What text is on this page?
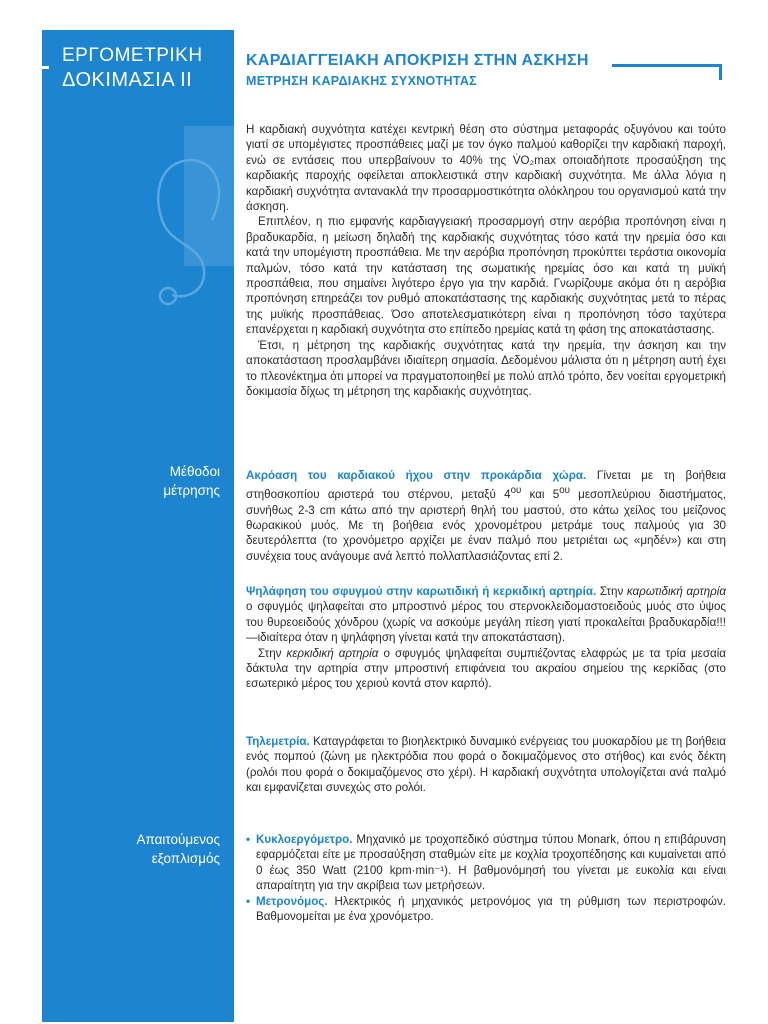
ΕΡΓΟΜΕΤΡΙΚΗ
ΔΟΚΙΜΑΣΙΑ ΙΙ
Μέθοδοι
μέτρησης
Απαιτούμενος
εξοπλισμός
ΚΑΡΔΙΑΓΓΕΙΑΚΗ ΑΠΟΚΡΙΣΗ ΣΤΗΝ ΑΣΚΗΣΗ
ΜΕΤΡΗΣΗ ΚΑΡΔΙΑΚΗΣ ΣΥΧΝΟΤΗΤΑΣ

Η καρδιακή συχνότητα κατέχει κεντρική θέση στο σύστημα μεταφοράς οξυγόνου και τούτο γιατί σε υπομέγιστες προσπάθειες μαζί με τον όγκο παλμού καθορίζει την καρδιακή παροχή, ενώ σε εντάσεις που υπερβαίνουν το 40% της V̇O₂max οποιαδήποτε προσαύξηση της καρδιακής παροχής οφείλεται αποκλειστικά στην καρδιακή συχνότητα. Με άλλα λόγια η καρδιακή συχνότητα αντανακλά την προσαρμοστικότητα ολόκληρου του οργανισμού κατά την άσκηση.

Επιπλέον, η πιο εμφανής καρδιαγγειακή προσαρμογή στην αερόβια προπόνηση είναι η βραδυκαρδία, η μείωση δηλαδή της καρδιακής συχνότητας τόσο κατά την ηρεμία όσο και κατά την υπομέγιστη προσπάθεια. Με την αερόβια προπόνηση προκύπτει τεράστια οικονομία παλμών, τόσο κατά την κατάσταση της σωματικής ηρεμίας όσο και κατά τη μυϊκή προσπάθεια, που σημαίνει λιγότερο έργο για την καρδιά. Γνωρίζουμε ακόμα ότι η αερόβια προπόνηση επηρεάζει τον ρυθμό αποκατάστασης της καρδιακής συχνότητας μετά το πέρας της μυϊκής προσπάθειας. Όσο αποτελεσματικότερη είναι η προπόνηση τόσο ταχύτερα επανέρχεται η καρδιακή συχνότητα στο επίπεδο ηρεμίας κατά τη φάση της αποκατάστασης.

Έτσι, η μέτρηση της καρδιακής συχνότητας κατά την ηρεμία, την άσκηση και την αποκατάσταση προσλαμβάνει ιδιαίτερη σημασία. Δεδομένου μάλιστα ότι η μέτρηση αυτή έχει το πλεονέκτημα ότι μπορεί να πραγματοποιηθεί με πολύ απλό τρόπο, δεν νοείται εργομετρική δοκιμασία δίχως τη μέτρηση της καρδιακής συχνότητας.

Ακρόαση του καρδιακού ήχου στην προκάρδια χώρα. Γίνεται με τη βοήθεια στηθοσκοπίου αριστερά του στέρνου, μεταξύ $4^{o\upsilon}$ και $5^{o\upsilon}$ μεσοπλεύριου διαστήματος, συνήθως 2-3 cm κάτω από την αριστερή θηλή του μαστού, στο κάτω χείλος του μείζονος θωρακικού μυός. Με τη βοήθεια ενός χρονομέτρου μετράμε τους παλμούς για 30 δευτερόλεπτα (το χρονόμετρο αρχίζει με έναν παλμό που μετριέται ως «μηδέν») και στη συνέχεια τους ανάγουμε ανά λεπτό πολλαπλασιάζοντας επί 2.

Ψηλάφηση του σφυγμού στην καρωτιδική ή κερκιδική αρτηρία. Στην καρωτιδική αρτηρία ο σφυγμός ψηλαφείται στο μπροστινό μέρος του στερνοκλειδομαστοειδούς μυός στο ύψος του θυρεοειδούς χόνδρου (χωρίς να ασκούμε μεγάλη πίεση γιατί προκαλείται βραδυκαρδία!!! —ιδιαίτερα όταν η ψηλάφηση γίνεται κατά την αποκατάσταση).

Στην κερκιδική αρτηρία ο σφυγμός ψηλαφείται συμπιέζοντας ελαφρώς με τα τρία μεσαία δάκτυλα την αρτηρία στην μπροστινή επιφάνεια του ακραίου σημείου της κερκίδας (στο εσωτερικό μέρος του χεριού κοντά στον καρπό).

Τηλεμετρία. Καταγράφεται το βιοηλεκτρικό δυναμικό ενέργειας του μυοκαρδίου με τη βοήθεια ενός πομπού (ζώνη με ηλεκτρόδια που φορά ο δοκιμαζόμενος στο στήθος) και ενός δέκτη (ρολόι που φορά ο δοκιμαζόμενος στο χέρι). Η καρδιακή συχνότητα υπολογίζεται ανά παλμό και εμφανίζεται συνεχώς στο ρολόι.

• Κυκλοεργόμετρο. Μηχανικό με τροχοπεδικό σύστημα τύπου Monark, όπου η επιβάρυνση εφαρμόζεται είτε με προσαύξηση σταθμών είτε με κοχλία τροχοπέδησης και κυμαίνεται από 0 έως 350 Watt (2100 kpm·min⁻¹). Η βαθμονόμησή του γίνεται με ευκολία και είναι απαραίτητη για την ακρίβεια των μετρήσεων.
• Μετρονόμος. Ηλεκτρικός ή μηχανικός μετρονόμος για τη ρύθμιση των περιστροφών. Βαθμονομείται με ένα χρονόμετρο.
